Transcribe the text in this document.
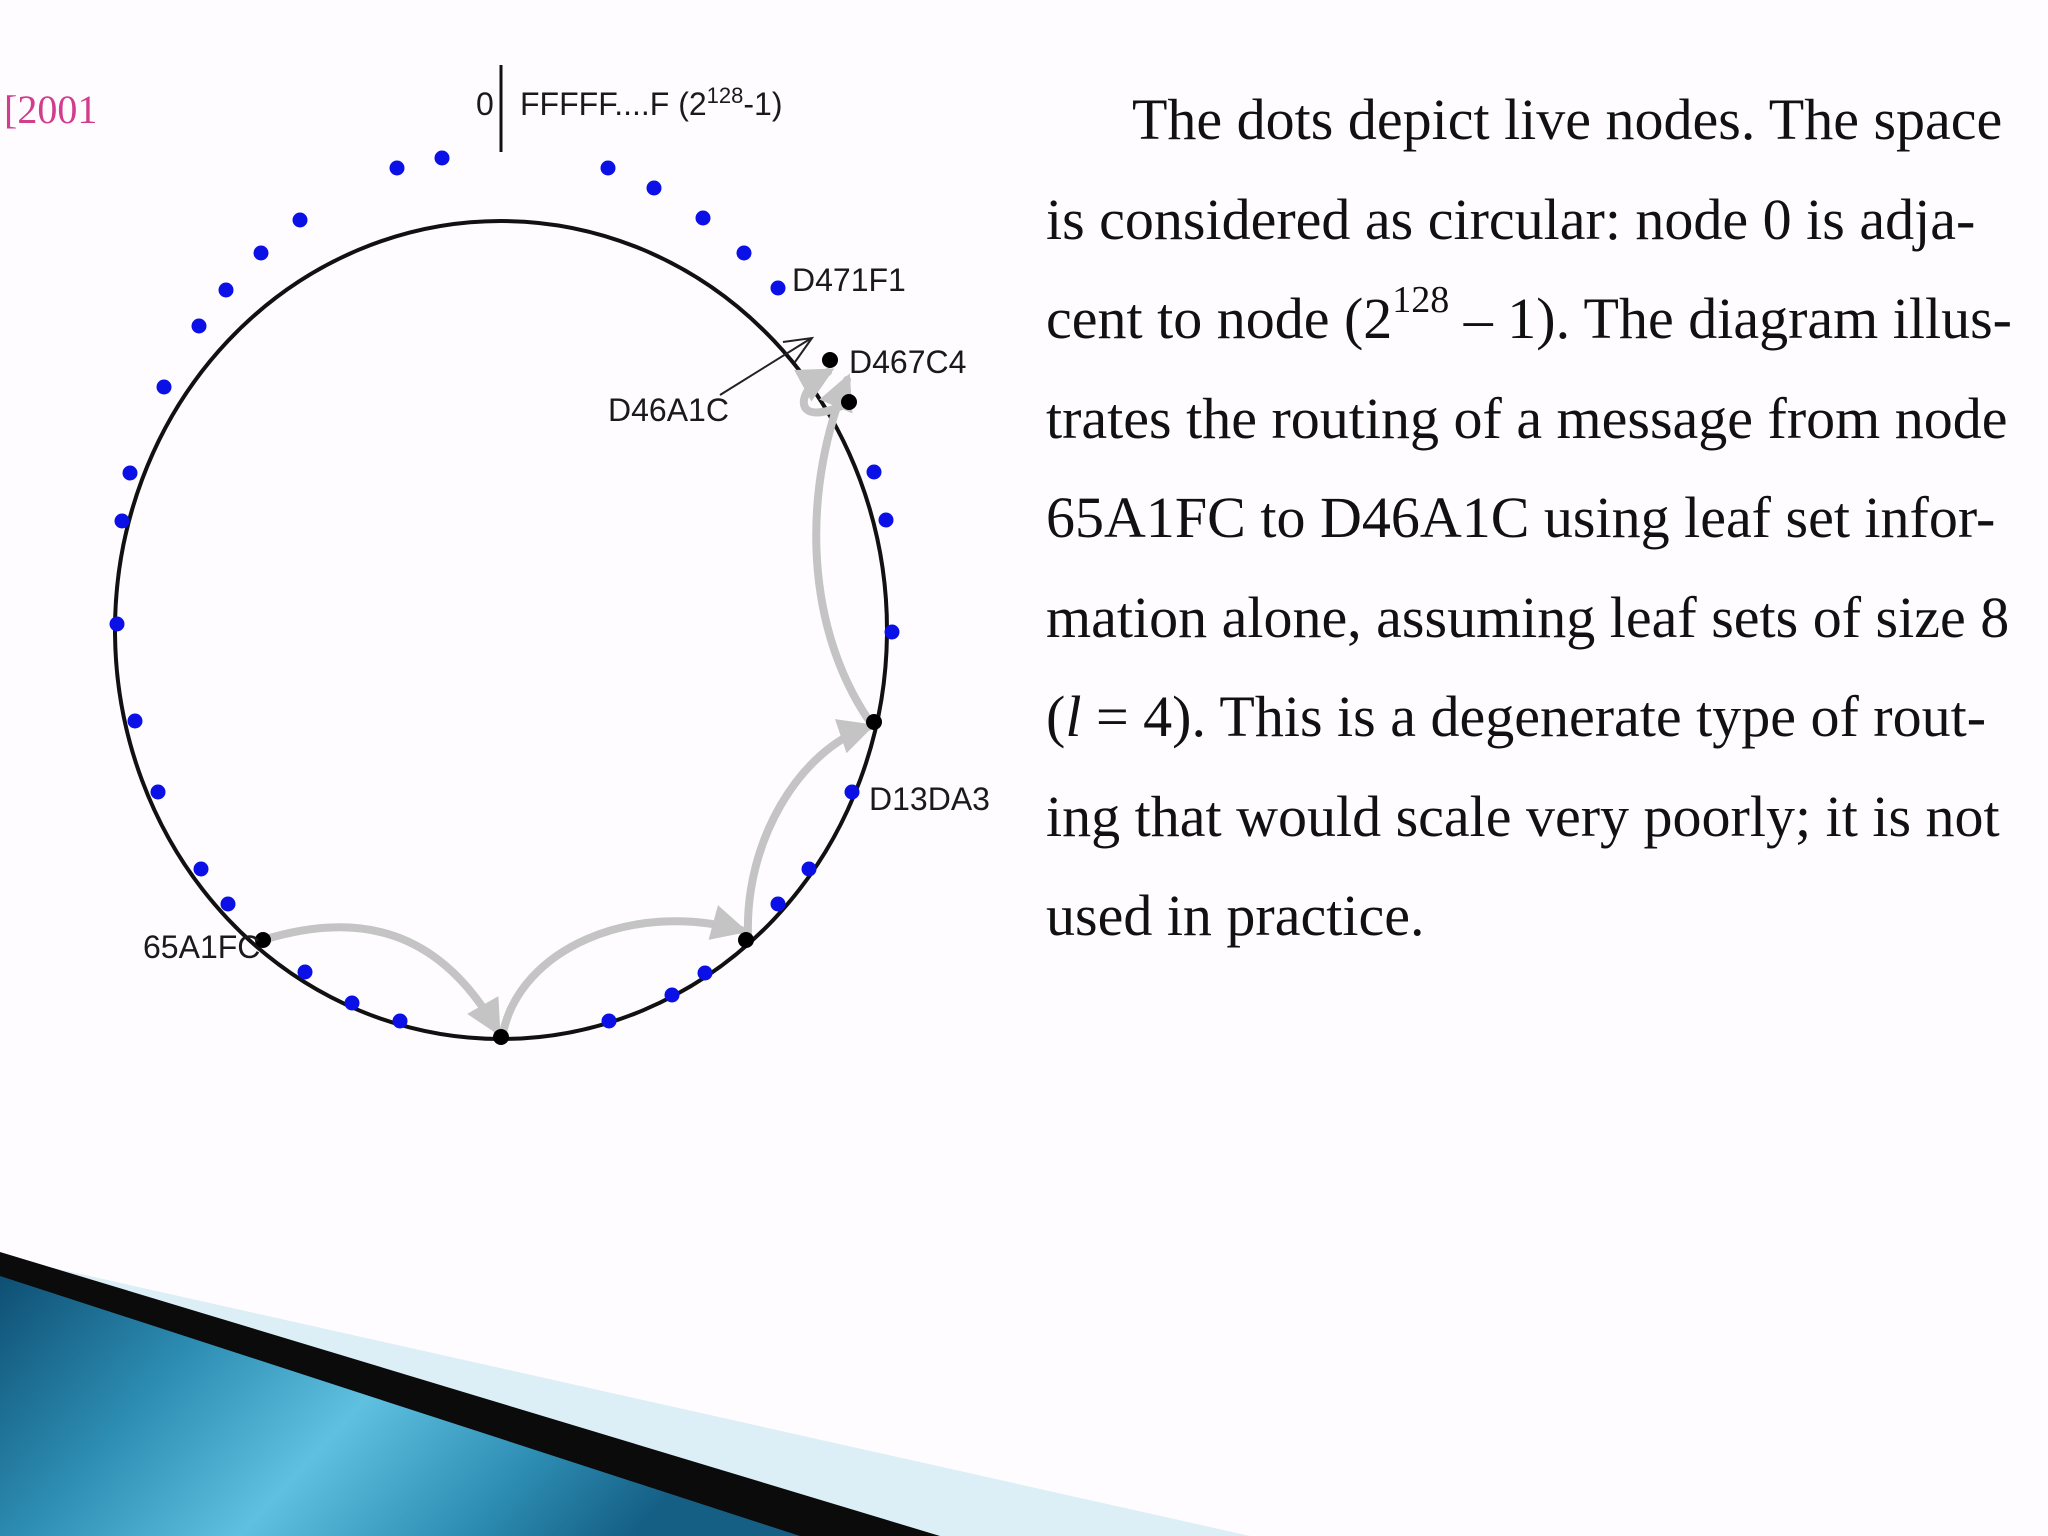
[2001	0 FFFFF....F $(2^{128}-1)$
D471F1
D467C4
D46A1C
D13DA3
65A1FC

The dots depict live nodes. The space
is considered as circular: node 0 is adja-
cent to node $(2^{128} - 1)$. The diagram illus-
trates the routing of a message from node
65A1FC to D46A1C using leaf set infor-
mation alone, assuming leaf sets of size 8
(l = 4). This is a degenerate type of rout-
ing that would scale very poorly; it is not
used in practice.
